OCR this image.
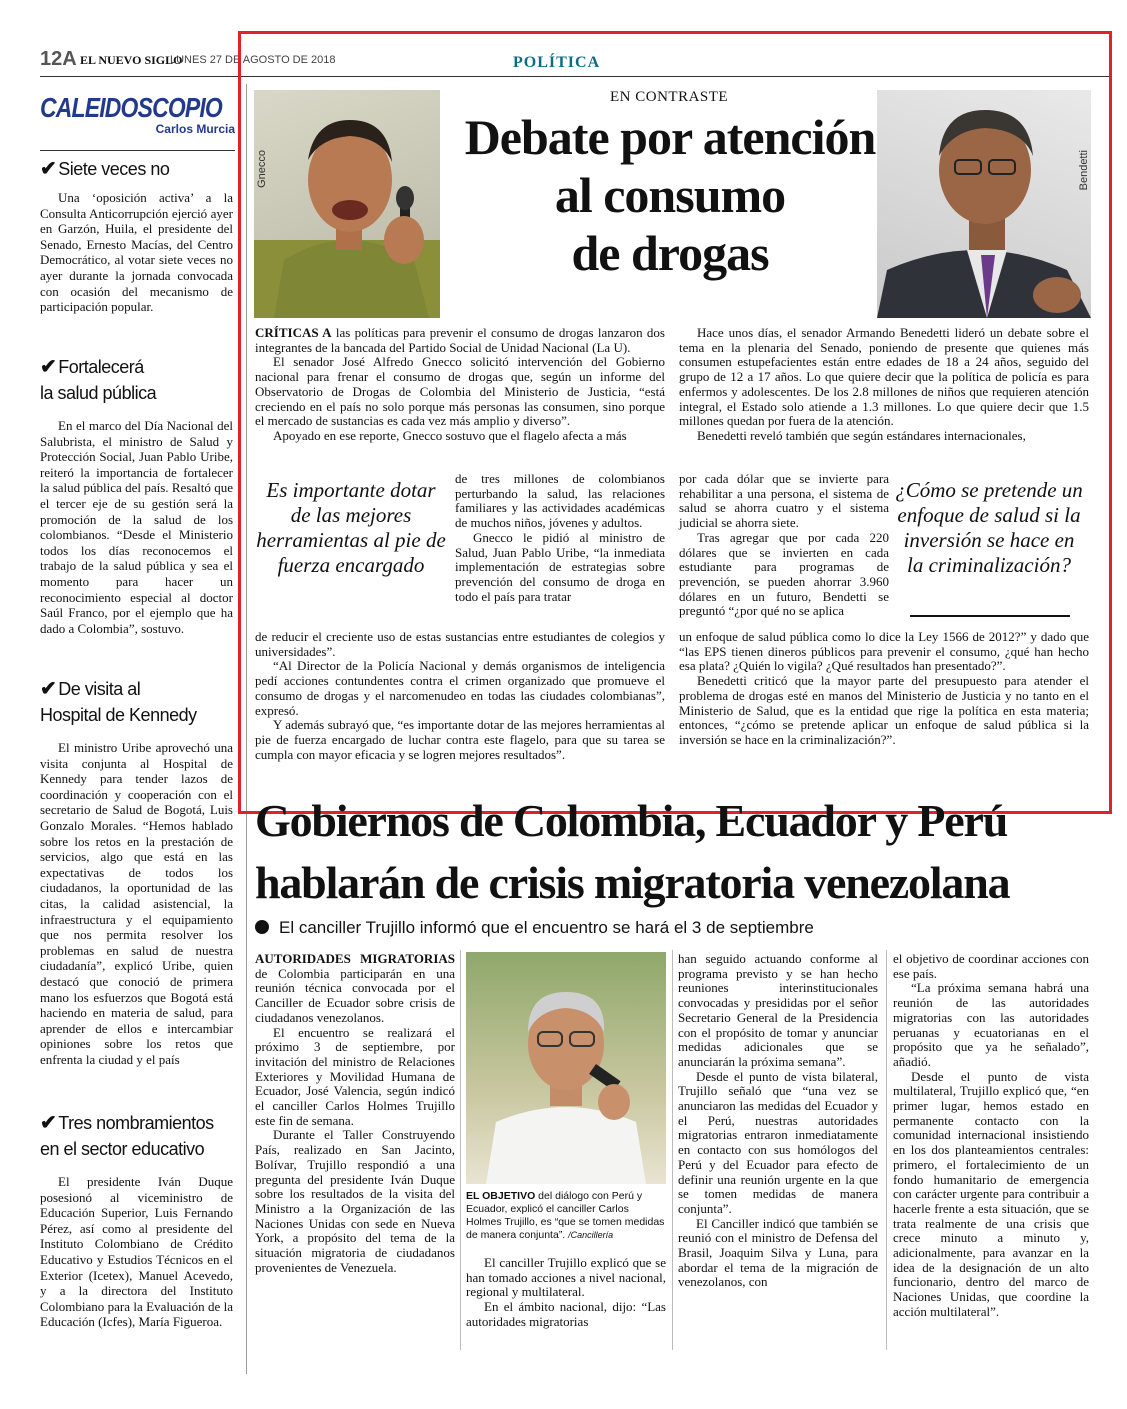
12A EL NUEVO SIGLO
LUNES 27 DE AGOSTO DE 2018	POLÍTICA
CALEIDOSCOPIO
Carlos Murcia
✔ Siete veces no

Una ‘oposición activa’ a la Consulta Anticorrupción ejerció ayer en Garzón, Huila, el presidente del Senado, Ernesto Macías, del Centro Democrático, al votar siete veces no ayer durante la jornada convocada con ocasión del mecanismo de participación popular.

✔ Fortalecerá
la salud pública

En el marco del Día Nacional del Salubrista, el ministro de Salud y Protección Social, Juan Pablo Uribe, reiteró la importancia de fortalecer la salud pública del país. Resaltó que el tercer eje de su gestión será la promoción de la salud de los colombianos. “Desde el Ministerio todos los días reconocemos el trabajo de la salud pública y sea el momento para hacer un reconocimiento especial al doctor Saúl Franco, por el ejemplo que ha dado a Colombia”, sostuvo.

✔ De visita al
Hospital de Kennedy

El ministro Uribe aprovechó una visita conjunta al Hospital de Kennedy para tender lazos de coordinación y cooperación con el secretario de Salud de Bogotá, Luis Gonzalo Morales. “Hemos hablado sobre los retos en la prestación de servicios, algo que está en las expectativas de todos los ciudadanos, la oportunidad de las citas, la calidad asistencial, la infraestructura y el equipamiento que nos permita resolver los problemas en salud de nuestra ciudadanía”, explicó Uribe, quien destacó que conoció de primera mano los esfuerzos que Bogotá está haciendo en materia de salud, para aprender de ellos e intercambiar opiniones sobre los retos que enfrenta la ciudad y el país

✔ Tres nombramientos
en el sector educativo

El presidente Iván Duque posesionó al viceministro de Educación Superior, Luis Fernando Pérez, así como al presidente del Instituto Colombiano de Crédito Educativo y Estudios Técnicos en el Exterior (Icetex), Manuel Acevedo, y a la directora del Instituto Colombiano para la Evaluación de la Educación (Icfes), María Figueroa.

EN CONTRASTE
Debate por atención
al consumo
de drogas
Gnecco	Bendetti

CRÍTICAS A las políticas para prevenir el consumo de drogas lanzaron dos integrantes de la bancada del Partido Social de Unidad Nacional (La U).

El senador José Alfredo Gnecco solicitó intervención del Gobierno nacional para frenar el consumo de drogas que, según un informe del Observatorio de Drogas de Colombia del Ministerio de Justicia, “está creciendo en el país no solo porque más personas las consumen, sino porque el mercado de sustancias es cada vez más amplio y diverso”.

Apoyado en ese reporte, Gnecco sostuvo que el flagelo afecta a más

Es importante dotar de las mejores herramientas al pie de fuerza encargado

de tres millones de colombianos perturbando la salud, las relaciones familiares y las actividades académicas de muchos niños, jóvenes y adultos.

Gnecco le pidió al ministro de Salud, Juan Pablo Uribe, “la inmediata implementación de estrategias sobre prevención del consumo de droga en todo el país para tratar

de reducir el creciente uso de estas sustancias entre estudiantes de colegios y universidades”.

“Al Director de la Policía Nacional y demás organismos de inteligencia pedí acciones contundentes contra el crimen organizado que promueve el consumo de drogas y el narcomenudeo en todas las ciudades colombianas”, expresó.

Y además subrayó que, “es importante dotar de las mejores herramientas al pie de fuerza encargado de luchar contra este flagelo, para que su tarea se cumpla con mayor eficacia y se logren mejores resultados”.

Hace unos días, el senador Armando Benedetti lideró un debate sobre el tema en la plenaria del Senado, poniendo de presente que quienes más consumen estupefacientes están entre edades de 18 a 24 años, seguido del grupo de 12 a 17 años. Lo que quiere decir que la política de policía es para enfermos y adolescentes. De los 2.8 millones de niños que requieren atención integral, el Estado solo atiende a 1.3 millones. Lo que quiere decir que 1.5 millones quedan por fuera de la atención.

Benedetti reveló también que según estándares internacionales,

por cada dólar que se invierte para rehabilitar a una persona, el sistema de salud se ahorra cuatro y el sistema judicial se ahorra siete.

Tras agregar que por cada 220 dólares que se invierten en cada estudiante para programas de prevención, se pueden ahorrar 3.960 dólares en un futuro, Bendetti se preguntó “¿por qué no se aplica

¿Cómo se pretende un enfoque de salud si la inversión se hace en la criminalización?

un enfoque de salud pública como lo dice la Ley 1566 de 2012?” y dado que “las EPS tienen dineros públicos para prevenir el consumo, ¿qué han hecho esa plata? ¿Quién lo vigila? ¿Qué resultados han presentado?”.

Benedetti criticó que la mayor parte del presupuesto para atender el problema de drogas esté en manos del Ministerio de Justicia y no tanto en el Ministerio de Salud, que es la entidad que rige la política en esta materia; entonces, “¿cómo se pretende aplicar un enfoque de salud pública si la inversión se hace en la criminalización?”.

Gobiernos de Colombia, Ecuador y Perú
hablarán de crisis migratoria venezolana
El canciller Trujillo informó que el encuentro se hará el 3 de septiembre

AUTORIDADES MIGRATORIAS de Colombia participarán en una reunión técnica convocada por el Canciller de Ecuador sobre crisis de ciudadanos venezolanos.

El encuentro se realizará el próximo 3 de septiembre, por invitación del ministro de Relaciones Exteriores y Movilidad Humana de Ecuador, José Valencia, según indicó el canciller Carlos Holmes Trujillo este fin de semana.

Durante el Taller Construyendo País, realizado en San Jacinto, Bolívar, Trujillo respondió a una pregunta del presidente Iván Duque sobre los resultados de la visita del Ministro a la Organización de las Naciones Unidas con sede en Nueva York, a propósito del tema de la situación migratoria de ciudadanos provenientes de Venezuela.

EL OBJETIVO del diálogo con Perú y Ecuador, explicó el canciller Carlos Holmes Trujillo, es “que se tomen medidas de manera conjunta”. /Cancillería

El canciller Trujillo explicó que se han tomado acciones a nivel nacional, regional y multilateral.

En el ámbito nacional, dijo: “Las autoridades migratorias

han seguido actuando conforme al programa previsto y se han hecho reuniones interinstitucionales convocadas y presididas por el señor Secretario General de la Presidencia con el propósito de tomar y anunciar medidas adicionales que se anunciarán la próxima semana”.

Desde el punto de vista bilateral, Trujillo señaló que “una vez se anunciaron las medidas del Ecuador y el Perú, nuestras autoridades migratorias entraron inmediatamente en contacto con sus homólogos del Perú y del Ecuador para efecto de definir una reunión urgente en la que se tomen medidas de manera conjunta”.

El Canciller indicó que también se reunió con el ministro de Defensa del Brasil, Joaquim Silva y Luna, para abordar el tema de la migración de venezolanos, con

el objetivo de coordinar acciones con ese país.

“La próxima semana habrá una reunión de las autoridades migratorias con las autoridades peruanas y ecuatorianas en el propósito que ya he señalado”, añadió.

Desde el punto de vista multilateral, Trujillo explicó que, “en primer lugar, hemos estado en permanente contacto con la comunidad internacional insistiendo en los dos planteamientos centrales: primero, el fortalecimiento de un fondo humanitario de emergencia con carácter urgente para contribuir a hacerle frente a esta situación, que se trata realmente de una crisis que crece minuto a minuto y, adicionalmente, para avanzar en la idea de la designación de un alto funcionario, dentro del marco de Naciones Unidas, que coordine la acción multilateral”.
